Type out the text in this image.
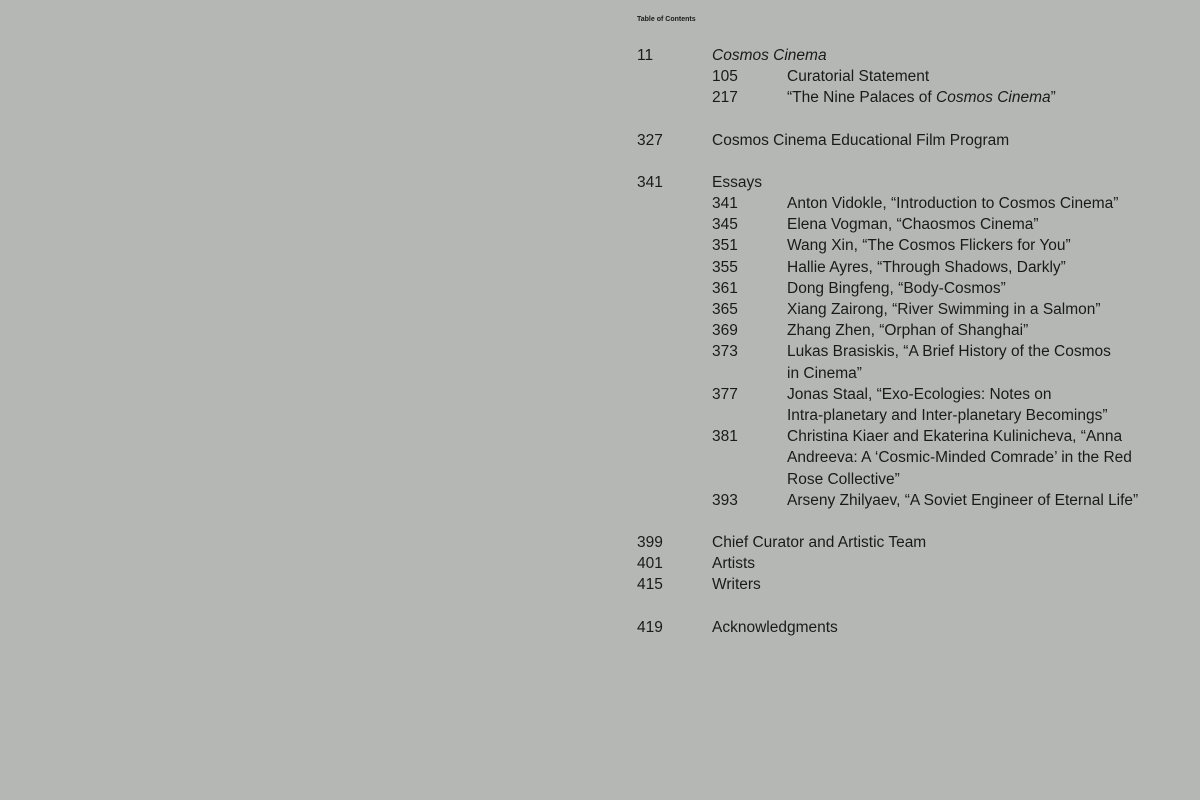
Table of Contents
11	Cosmos Cinema
105	Curatorial Statement
217	“The Nine Palaces of Cosmos Cinema”
327	Cosmos Cinema Educational Film Program
341	Essays
341	Anton Vidokle, “Introduction to Cosmos Cinema”
345	Elena Vogman, “Chaosmos Cinema”
351	Wang Xin, “The Cosmos Flickers for You”
355	Hallie Ayres, “Through Shadows, Darkly”
361	Dong Bingfeng, “Body-Cosmos”
365	Xiang Zairong, “River Swimming in a Salmon”
369	Zhang Zhen, “Orphan of Shanghai”
373	Lukas Brasiskis, “A Brief History of the Cosmos
in Cinema”
377	Jonas Staal, “Exo-Ecologies: Notes on
Intra-planetary and Inter-planetary Becomings”
381	Christina Kiaer and Ekaterina Kulinicheva, “Anna
Andreeva: A ‘Cosmic-Minded Comrade’ in the Red
Rose Collective”
393	Arseny Zhilyaev, “A Soviet Engineer of Eternal Life”
399	Chief Curator and Artistic Team
401	Artists
415	Writers
419	Acknowledgments
